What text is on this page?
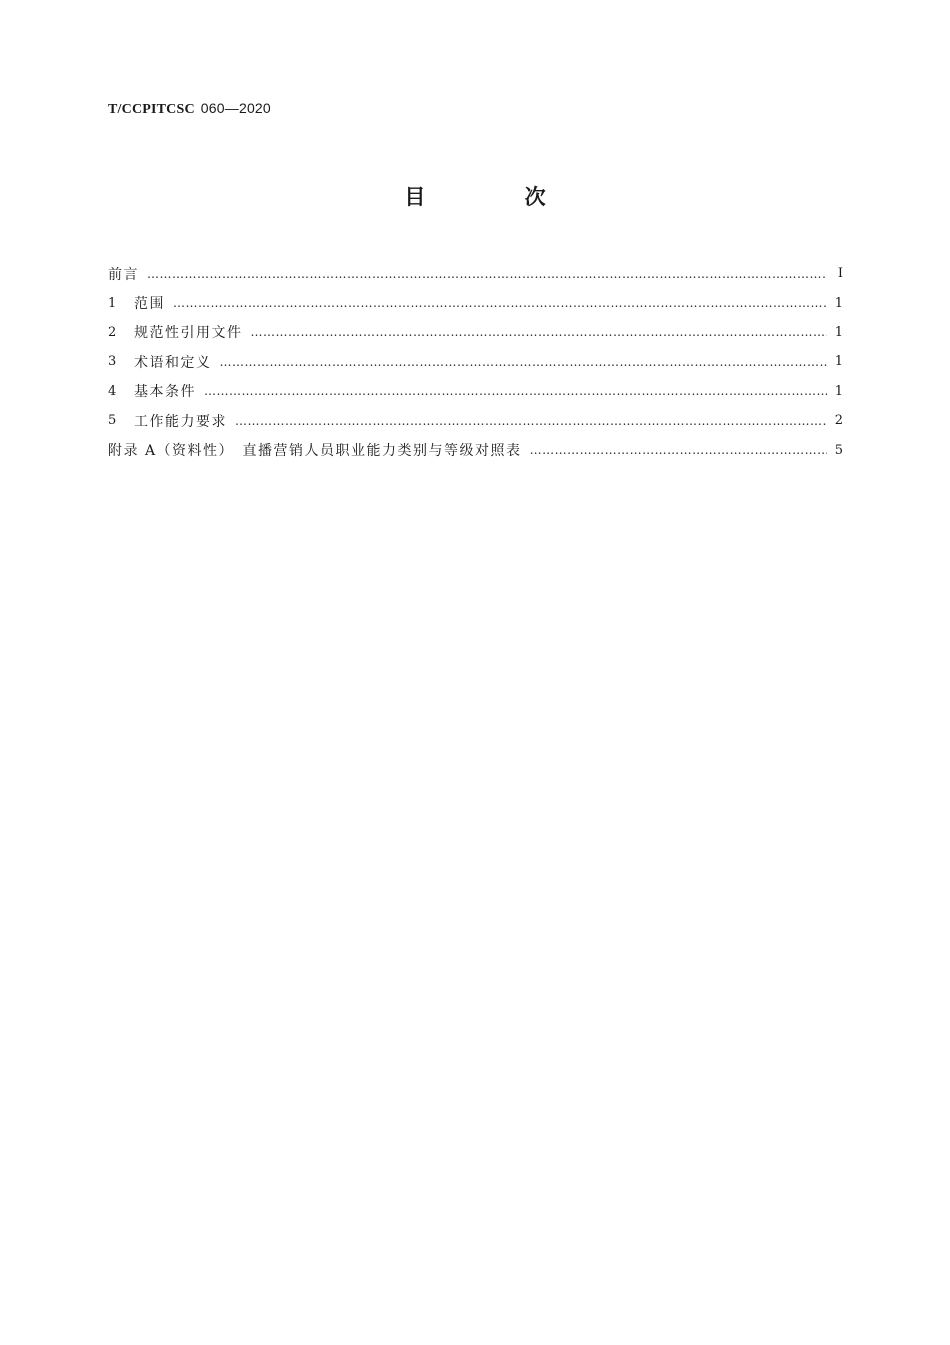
T/CCPITCSC 060—2020
目 次
前言 ……………………………………………………………………………………………………………………………………………………………………………………………………………………………………	Ⅰ
1	范围 ……………………………………………………………………………………………………………………………………………………………………………………………………………………………………	1
2	规范性引用文件 ……………………………………………………………………………………………………………………………………………………………………………………………………………………………………	1
3	术语和定义 ……………………………………………………………………………………………………………………………………………………………………………………………………………………………………	1
4	基本条件 ……………………………………………………………………………………………………………………………………………………………………………………………………………………………………	1
5	工作能力要求 ……………………………………………………………………………………………………………………………………………………………………………………………………………………………………	2
附录 A（资料性）　直播营销人员职业能力类别与等级对照表 ……………………………………………………………………………………………………………………………………………………………………………………………………………………………………	5
